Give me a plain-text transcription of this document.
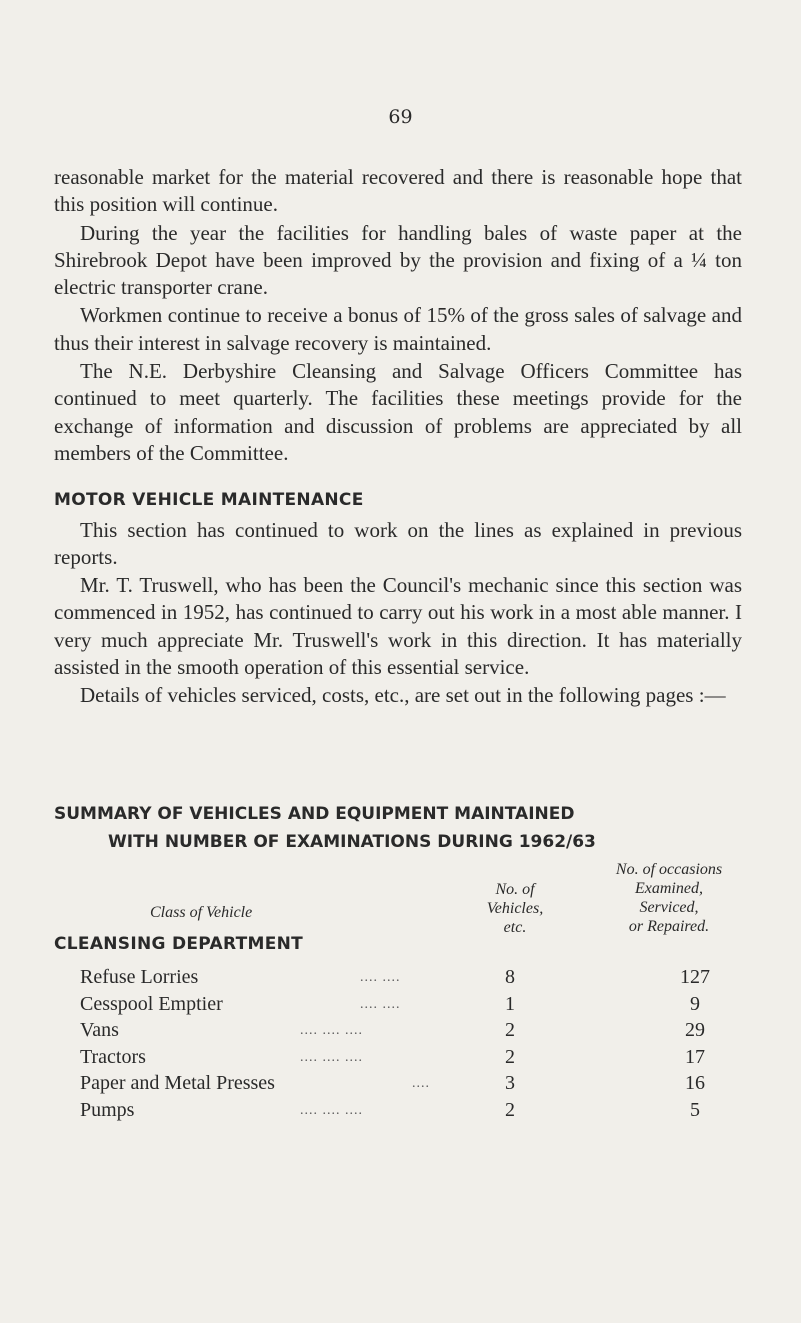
69

reasonable market for the material recovered and there is reasonable hope that this position will continue.

During the year the facilities for handling bales of waste paper at the Shirebrook Depot have been improved by the provision and fixing of a ¼ ton electric transporter crane.

Workmen continue to receive a bonus of 15% of the gross sales of salvage and thus their interest in salvage recovery is maintained.

The N.E. Derbyshire Cleansing and Salvage Officers Committee has continued to meet quarterly. The facilities these meetings provide for the exchange of information and discussion of problems are appreciated by all members of the Committee.

MOTOR VEHICLE MAINTENANCE

This section has continued to work on the lines as explained in previous reports.

Mr. T. Truswell, who has been the Council's mechanic since this section was commenced in 1952, has continued to carry out his work in a most able manner. I very much appreciate Mr. Truswell's work in this direction. It has materially assisted in the smooth operation of this essential service.

Details of vehicles serviced, costs, etc., are set out in the following pages :—

SUMMARY OF VEHICLES AND EQUIPMENT MAINTAINED
WITH NUMBER OF EXAMINATIONS DURING 1962/63
Class of Vehicle
No. of
Vehicles,
etc.
No. of occasions
Examined,
Serviced,
or Repaired.
CLEANSING DEPARTMENT
Refuse Lorries	.... ....	8	127
Cesspool Emptier	.... ....	1	9
Vans	.... .... ....	2	29
Tractors	.... .... ....	2	17
Paper and Metal Presses	....	3	16
Pumps	.... .... ....	2	5
